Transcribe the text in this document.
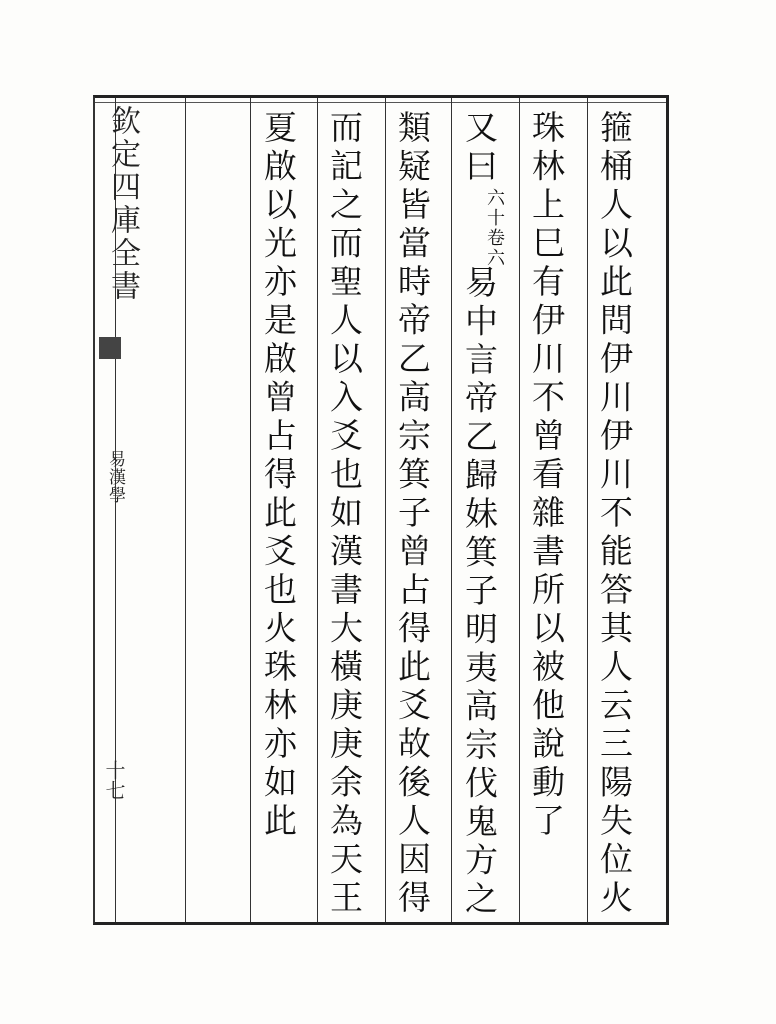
欽定四庫全書
易漢學
十七	箍桶人以此問伊川伊川不能答其人云三陽失位火
珠林上巳有伊川不曾看雜書所以被他說動了
又曰
六十卷六
易中言帝乙歸妹箕子明夷高宗伐鬼方之
類疑皆當時帝乙高宗箕子曾占得此爻故後人因得
而記之而聖人以入爻也如漢書大橫庚庚余為天王
夏啟以光亦是啟曾占得此爻也火珠林亦如此
